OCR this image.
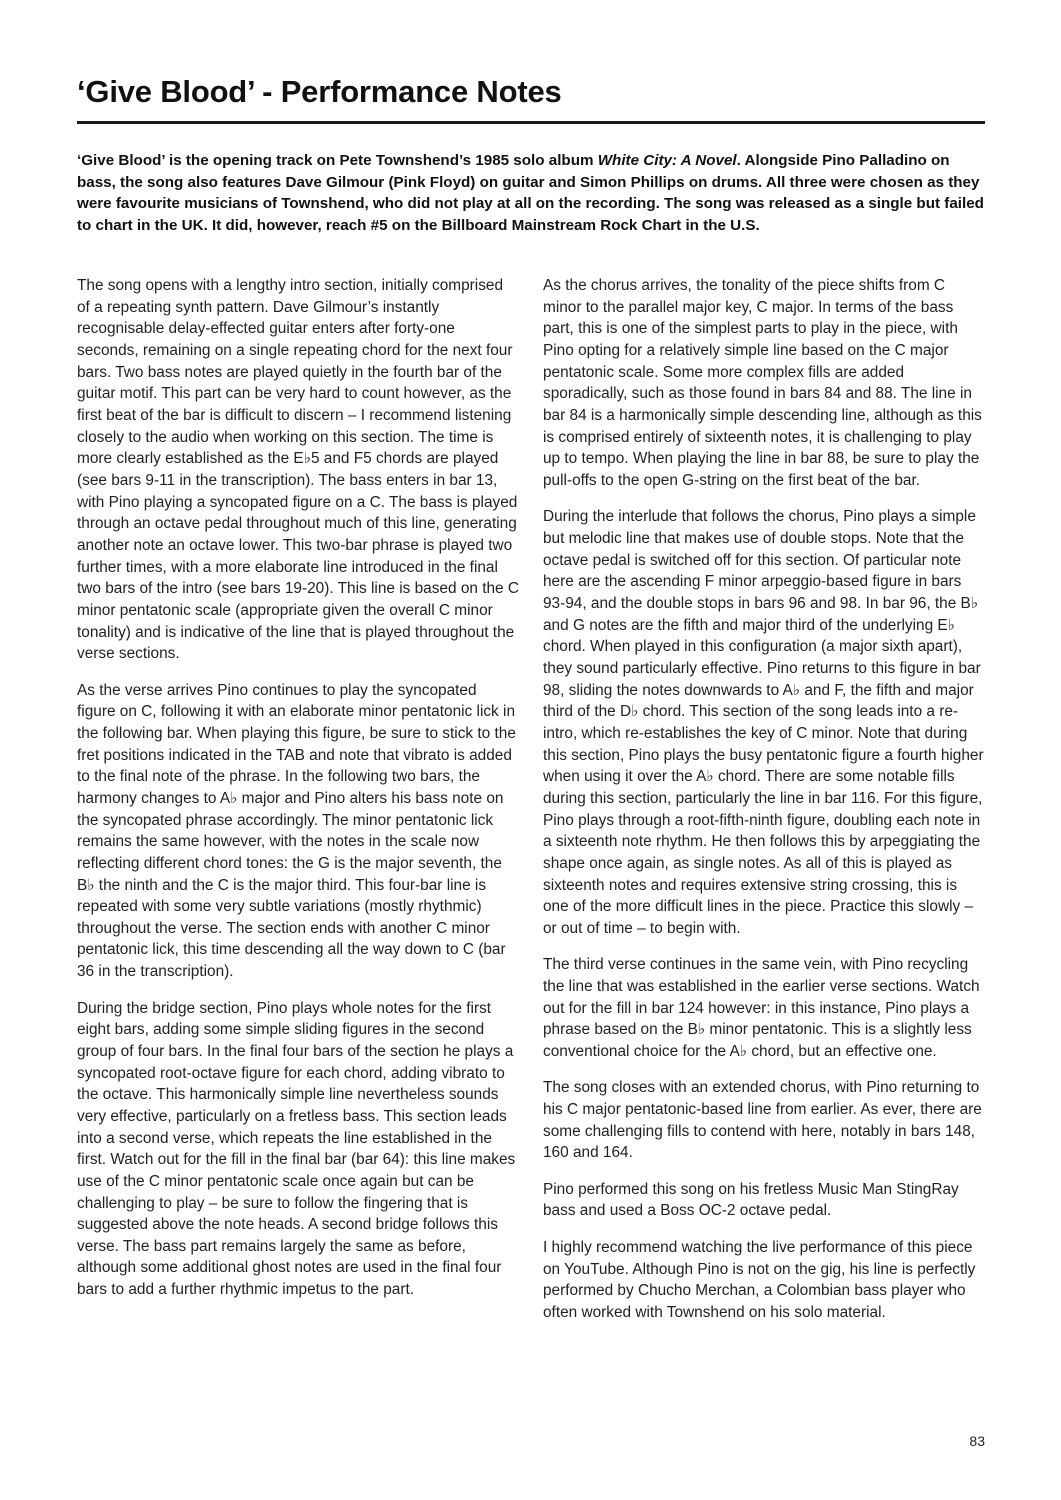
‘Give Blood’ - Performance Notes

‘Give Blood’ is the opening track on Pete Townshend’s 1985 solo album White City: A Novel. Alongside Pino Palladino on bass, the song also features Dave Gilmour (Pink Floyd) on guitar and Simon Phillips on drums. All three were chosen as they were favourite musicians of Townshend, who did not play at all on the recording. The song was released as a single but failed to chart in the UK. It did, however, reach #5 on the Billboard Mainstream Rock Chart in the U.S.

The song opens with a lengthy intro section, initially comprised of a repeating synth pattern. Dave Gilmour’s instantly recognisable delay-effected guitar enters after forty-one seconds, remaining on a single repeating chord for the next four bars. Two bass notes are played quietly in the fourth bar of the guitar motif. This part can be very hard to count however, as the first beat of the bar is difficult to discern – I recommend listening closely to the audio when working on this section. The time is more clearly established as the E♭5 and F5 chords are played (see bars 9-11 in the transcription). The bass enters in bar 13, with Pino playing a syncopated figure on a C. The bass is played through an octave pedal throughout much of this line, generating another note an octave lower. This two-bar phrase is played two further times, with a more elaborate line introduced in the final two bars of the intro (see bars 19-20). This line is based on the C minor pentatonic scale (appropriate given the overall C minor tonality) and is indicative of the line that is played throughout the verse sections.

As the verse arrives Pino continues to play the syncopated figure on C, following it with an elaborate minor pentatonic lick in the following bar. When playing this figure, be sure to stick to the fret positions indicated in the TAB and note that vibrato is added to the final note of the phrase. In the following two bars, the harmony changes to A♭ major and Pino alters his bass note on the syncopated phrase accordingly. The minor pentatonic lick remains the same however, with the notes in the scale now reflecting different chord tones: the G is the major seventh, the B♭ the ninth and the C is the major third. This four-bar line is repeated with some very subtle variations (mostly rhythmic) throughout the verse. The section ends with another C minor pentatonic lick, this time descending all the way down to C (bar 36 in the transcription).

During the bridge section, Pino plays whole notes for the first eight bars, adding some simple sliding figures in the second group of four bars. In the final four bars of the section he plays a syncopated root-octave figure for each chord, adding vibrato to the octave. This harmonically simple line nevertheless sounds very effective, particularly on a fretless bass. This section leads into a second verse, which repeats the line established in the first. Watch out for the fill in the final bar (bar 64): this line makes use of the C minor pentatonic scale once again but can be challenging to play – be sure to follow the fingering that is suggested above the note heads. A second bridge follows this verse. The bass part remains largely the same as before, although some additional ghost notes are used in the final four bars to add a further rhythmic impetus to the part.

As the chorus arrives, the tonality of the piece shifts from C minor to the parallel major key, C major. In terms of the bass part, this is one of the simplest parts to play in the piece, with Pino opting for a relatively simple line based on the C major pentatonic scale. Some more complex fills are added sporadically, such as those found in bars 84 and 88. The line in bar 84 is a harmonically simple descending line, although as this is comprised entirely of sixteenth notes, it is challenging to play up to tempo. When playing the line in bar 88, be sure to play the pull-offs to the open G-string on the first beat of the bar.

During the interlude that follows the chorus, Pino plays a simple but melodic line that makes use of double stops. Note that the octave pedal is switched off for this section. Of particular note here are the ascending F minor arpeggio-based figure in bars 93-94, and the double stops in bars 96 and 98. In bar 96, the B♭ and G notes are the fifth and major third of the underlying E♭ chord. When played in this configuration (a major sixth apart), they sound particularly effective. Pino returns to this figure in bar 98, sliding the notes downwards to A♭ and F, the fifth and major third of the D♭ chord. This section of the song leads into a re-intro, which re-establishes the key of C minor. Note that during this section, Pino plays the busy pentatonic figure a fourth higher when using it over the A♭ chord. There are some notable fills during this section, particularly the line in bar 116. For this figure, Pino plays through a root-fifth-ninth figure, doubling each note in a sixteenth note rhythm. He then follows this by arpeggiating the shape once again, as single notes. As all of this is played as sixteenth notes and requires extensive string crossing, this is one of the more difficult lines in the piece. Practice this slowly – or out of time – to begin with.

The third verse continues in the same vein, with Pino recycling the line that was established in the earlier verse sections. Watch out for the fill in bar 124 however: in this instance, Pino plays a phrase based on the B♭ minor pentatonic. This is a slightly less conventional choice for the A♭ chord, but an effective one.

The song closes with an extended chorus, with Pino returning to his C major pentatonic-based line from earlier. As ever, there are some challenging fills to contend with here, notably in bars 148, 160 and 164.

Pino performed this song on his fretless Music Man StingRay bass and used a Boss OC-2 octave pedal.

I highly recommend watching the live performance of this piece on YouTube. Although Pino is not on the gig, his line is perfectly performed by Chucho Merchan, a Colombian bass player who often worked with Townshend on his solo material.

83
